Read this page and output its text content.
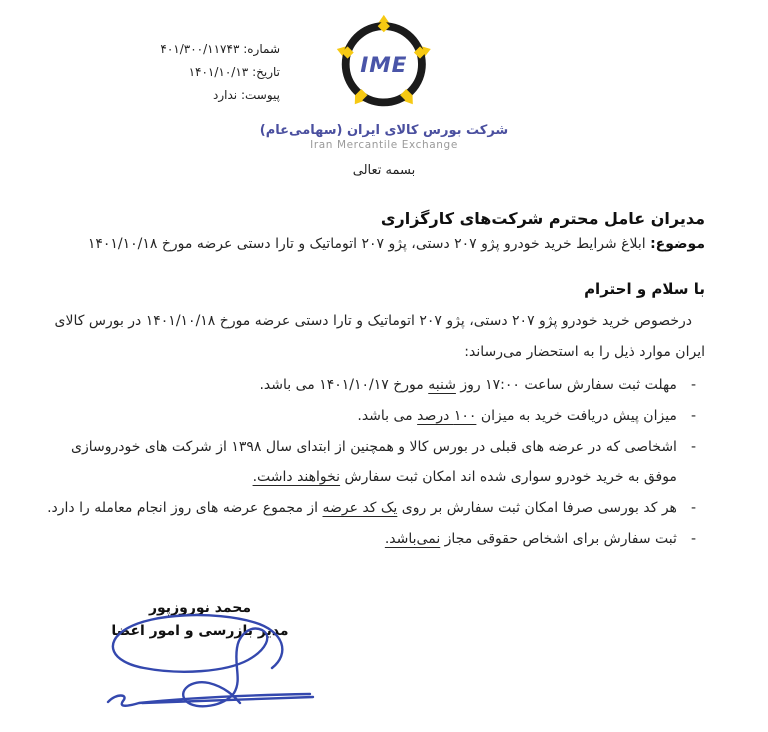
شماره: ۴۰۱/۳۰۰/۱۱۷۴۳
تاریخ: ۱۴۰۱/۱۰/۱۳
پیوست: ندارد
IME
شرکت بورس کالای ایران (سهامی‌عام)
Iran Mercantile Exchange
بسمه تعالی
مدیران عامل محترم شرکت‌های کارگزاری
موضوع: ابلاغ شرایط خرید خودرو پژو ۲۰۷ دستی، پژو ۲۰۷ اتوماتیک و تارا دستی عرضه مورخ ۱۴۰۱/۱۰/۱۸
با سلام و احترام
درخصوص خرید خودرو پژو ۲۰۷ دستی، پژو ۲۰۷ اتوماتیک و تارا دستی عرضه مورخ ۱۴۰۱/۱۰/۱۸ در بورس کالای
ایران موارد ذیل را به استحضار می‌رساند:
-
مهلت ثبت سفارش ساعت ۱۷:۰۰ روز شنبه مورخ ۱۴۰۱/۱۰/۱۷ می باشد.
-
میزان پیش دریافت خرید به میزان ۱۰۰ درصد می باشد.
-
اشخاصی که در عرضه های قبلی در بورس کالا و همچنین از ابتدای سال ۱۳۹۸ از شرکت های خودروسازی
موفق به خرید خودرو سواری شده اند امکان ثبت سفارش نخواهند داشت.
-
هر کد بورسی صرفا امکان ثبت سفارش بر روی یک کد عرضه از مجموع عرضه های روز انجام معامله را دارد.
-
ثبت سفارش برای اشخاص حقوقی مجاز نمی‌باشد.
محمد نوروزپور
مدیر بازرسی و امور اعضا
